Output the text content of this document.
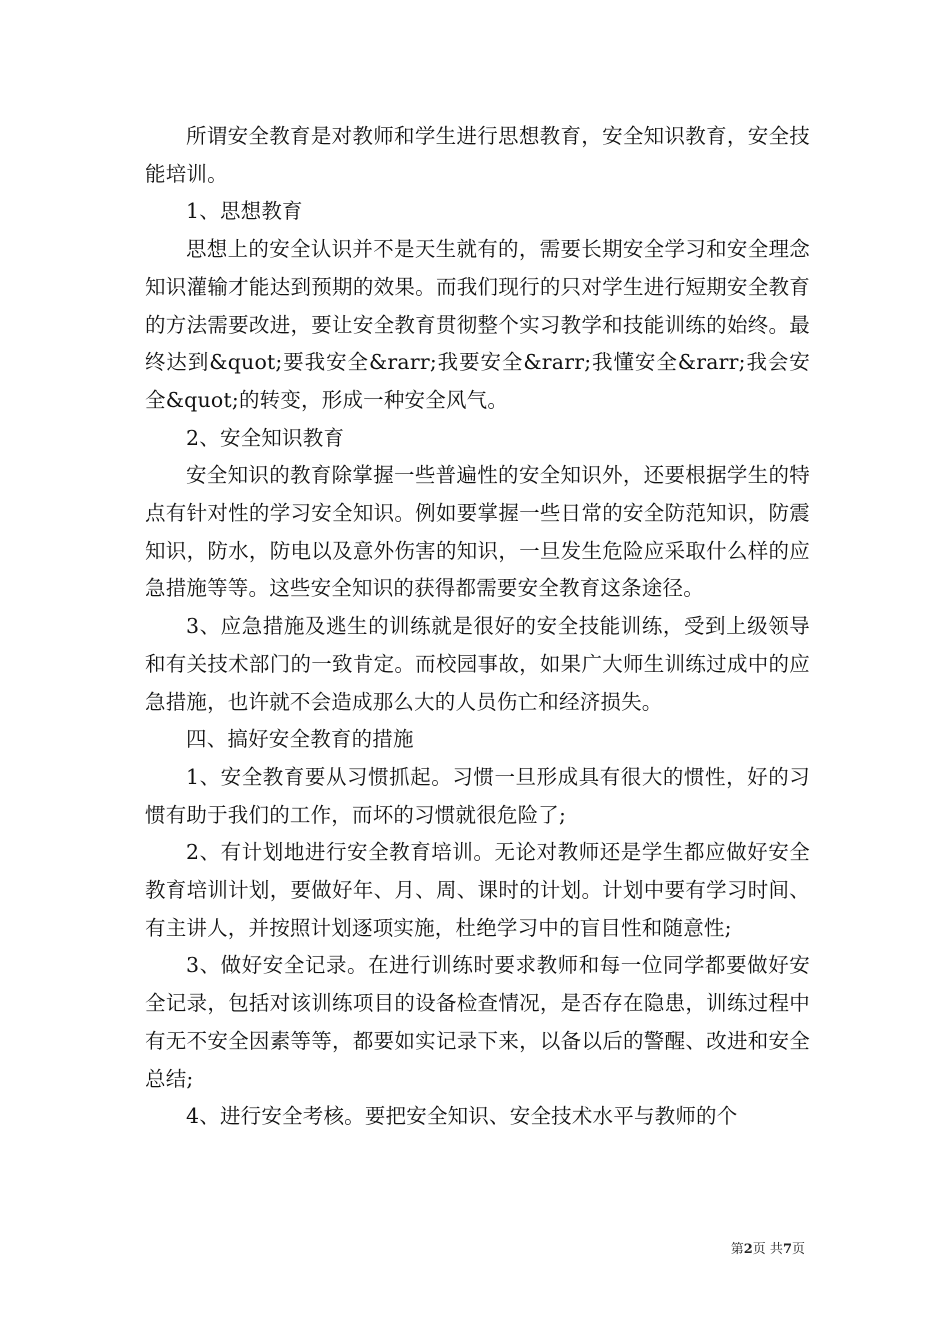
所谓安全教育是对教师和学生进行思想教育，安全知识教育，安全技能培训。

1、思想教育

思想上的安全认识并不是天生就有的，需要长期安全学习和安全理念知识灌输才能达到预期的效果。而我们现行的只对学生进行短期安全教育的方法需要改进，要让安全教育贯彻整个实习教学和技能训练的始终。最终达到&quot;要我安全&rarr;我要安全&rarr;我懂安全&rarr;我会安全&quot;的转变，形成一种安全风气。

2、安全知识教育

安全知识的教育除掌握一些普遍性的安全知识外，还要根据学生的特点有针对性的学习安全知识。例如要掌握一些日常的安全防范知识，防震知识，防水，防电以及意外伤害的知识，一旦发生危险应采取什么样的应急措施等等。这些安全知识的获得都需要安全教育这条途径。

3、应急措施及逃生的训练就是很好的安全技能训练，受到上级领导和有关技术部门的一致肯定。而校园事故，如果广大师生训练过成中的应急措施，也许就不会造成那么大的人员伤亡和经济损失。

四、搞好安全教育的措施

1、安全教育要从习惯抓起。习惯一旦形成具有很大的惯性，好的习惯有助于我们的工作，而坏的习惯就很危险了;

2、有计划地进行安全教育培训。无论对教师还是学生都应做好安全教育培训计划，要做好年、月、周、课时的计划。计划中要有学习时间、有主讲人，并按照计划逐项实施，杜绝学习中的盲目性和随意性;

3、做好安全记录。在进行训练时要求教师和每一位同学都要做好安全记录，包括对该训练项目的设备检查情况，是否存在隐患，训练过程中有无不安全因素等等，都要如实记录下来，以备以后的警醒、改进和安全总结;

4、进行安全考核。要把安全知识、安全技术水平与教师的个

第2页 共7页
